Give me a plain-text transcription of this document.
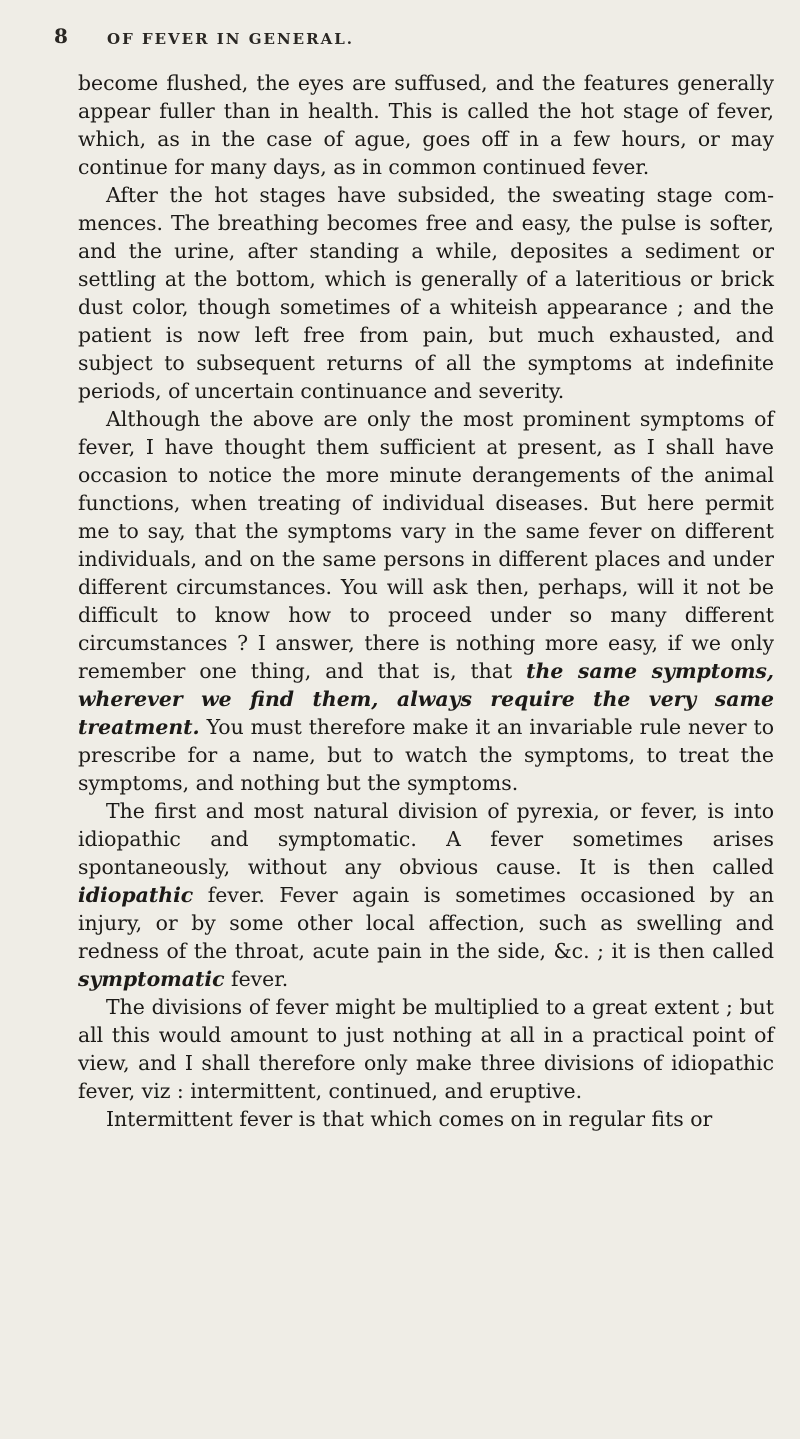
8	OF FEVER IN GENERAL.

become flushed, the eyes are suffused, and the features generally appear fuller than in health. This is called the hot stage of fever, which, as in the case of ague, goes off in a few hours, or may continue for many days, as in common continued fever.

After the hot stages have subsided, the sweating stage commences. The breathing becomes free and easy, the pulse is softer, and the urine, after standing a while, deposites a sediment or settling at the bottom, which is generally of a lateritious or brick dust color, though sometimes of a whiteish appearance ; and the patient is now left free from pain, but much exhausted, and subject to subsequent returns of all the symptoms at indefinite periods, of uncertain continuance and severity.

Although the above are only the most prominent symptoms of fever, I have thought them sufficient at present, as I shall have occasion to notice the more minute derangements of the animal functions, when treating of individual diseases. But here permit me to say, that the symptoms vary in the same fever on different individuals, and on the same persons in different places and under different circumstances. You will ask then, perhaps, will it not be difficult to know how to proceed under so many different circumstances ? I answer, there is nothing more easy, if we only remember one thing, and that is, that the same symptoms, wherever we find them, always require the very same treatment. You must therefore make it an invariable rule never to prescribe for a name, but to watch the symptoms, to treat the symptoms, and nothing but the symptoms.

The first and most natural division of pyrexia, or fever, is into idiopathic and symptomatic. A fever sometimes arises spontaneously, without any obvious cause. It is then called idiopathic fever. Fever again is sometimes occasioned by an injury, or by some other local affection, such as swelling and redness of the throat, acute pain in the side, &c. ; it is then called symptomatic fever.

The divisions of fever might be multiplied to a great extent ; but all this would amount to just nothing at all in a practical point of view, and I shall therefore only make three divisions of idiopathic fever, viz : intermittent, continued, and eruptive.

Intermittent fever is that which comes on in regular fits or
